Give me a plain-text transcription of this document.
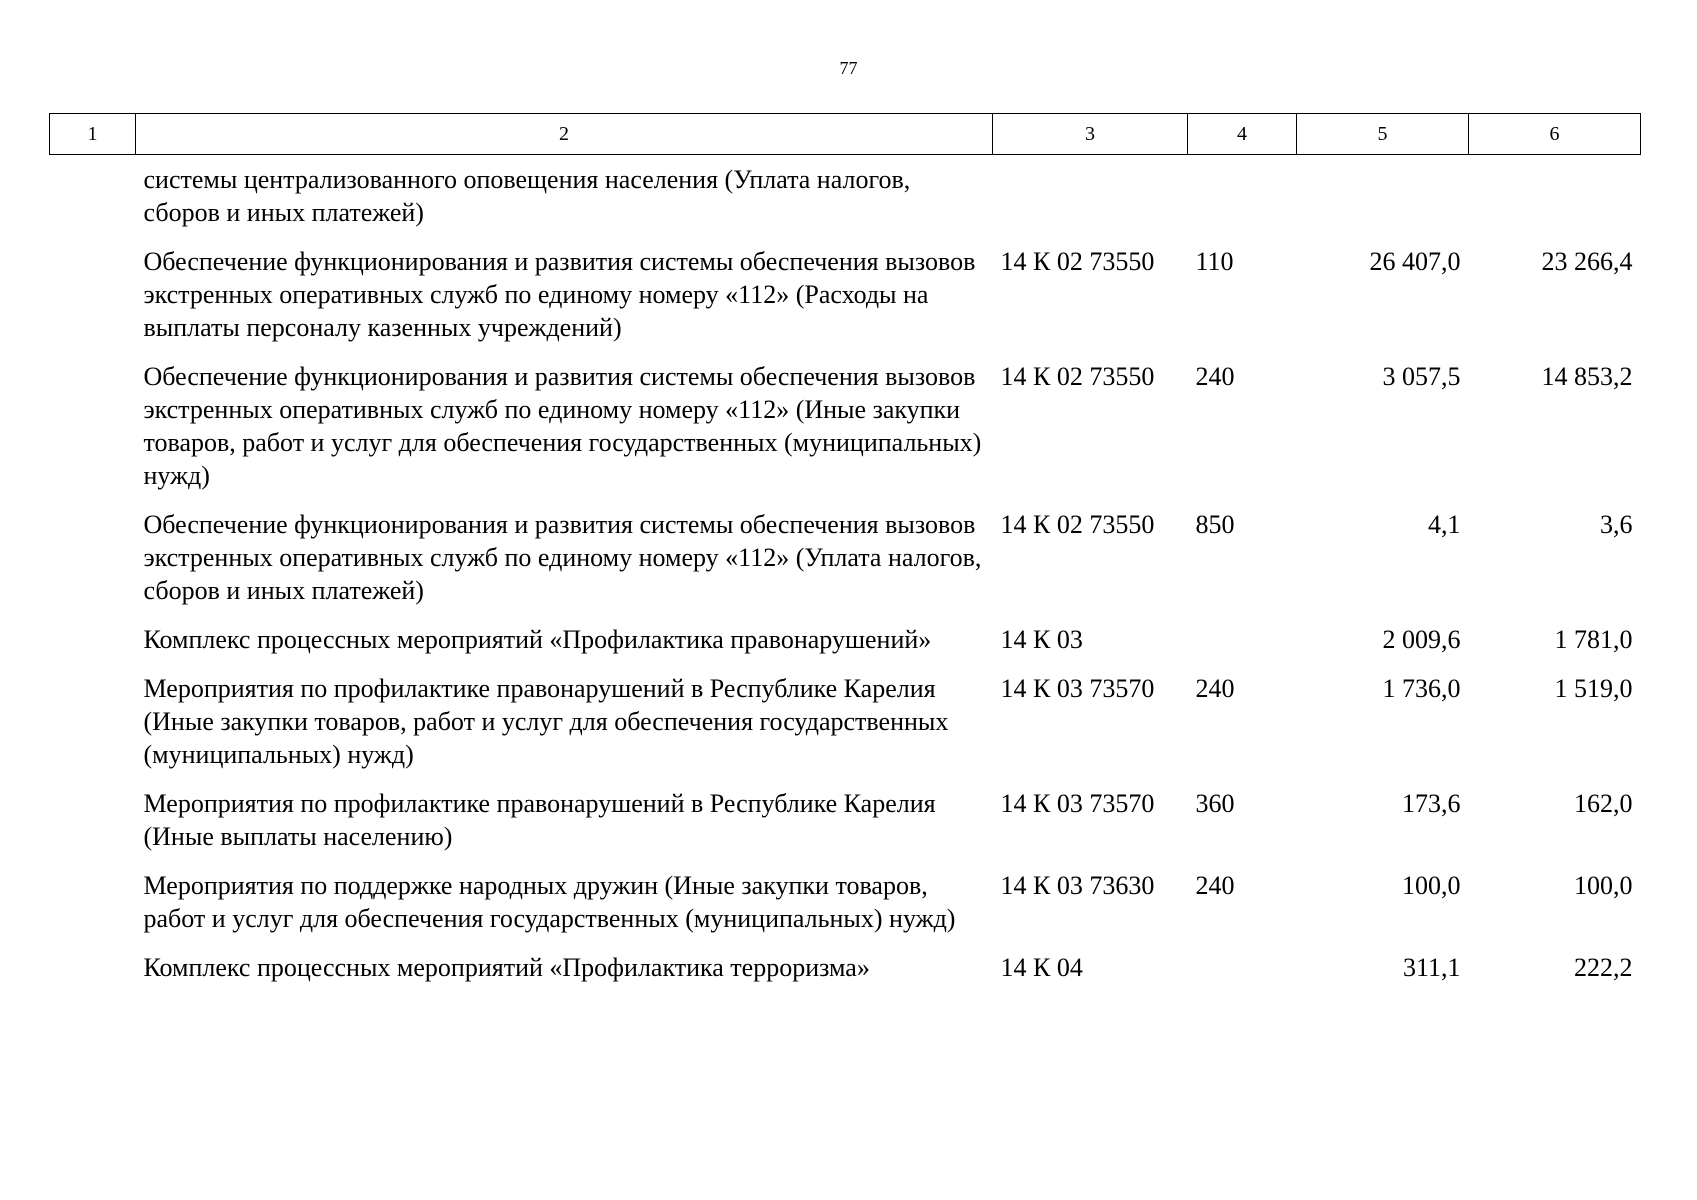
77
1	2	3	4	5	6
	системы централизованного оповещения населения (Уплата налогов, сборов и иных платежей)				
	Обеспечение функционирования и развития системы обеспечения вызовов экстренных оперативных служб по единому номеру «112» (Расходы на выплаты персоналу казенных учреждений)	14 К 02 73550	110	26 407,0	23 266,4
	Обеспечение функционирования и развития системы обеспечения вызовов экстренных оперативных служб по единому номеру «112» (Иные закупки товаров, работ и услуг для обеспечения государственных (муниципальных) нужд)	14 К 02 73550	240	3 057,5	14 853,2
	Обеспечение функционирования и развития системы обеспечения вызовов экстренных оперативных служб по единому номеру «112» (Уплата налогов, сборов и иных платежей)	14 К 02 73550	850	4,1	3,6
	Комплекс процессных мероприятий «Профилактика правонарушений»	14 К 03		2 009,6	1 781,0
	Мероприятия по профилактике правонарушений в Республике Карелия (Иные закупки товаров, работ и услуг для обеспечения государственных (муниципальных) нужд)	14 К 03 73570	240	1 736,0	1 519,0
	Мероприятия по профилактике правонарушений в Республике Карелия (Иные выплаты населению)	14 К 03 73570	360	173,6	162,0
	Мероприятия по поддержке народных дружин (Иные закупки товаров, работ и услуг для обеспечения государственных (муниципальных) нужд)	14 К 03 73630	240	100,0	100,0
	Комплекс процессных мероприятий «Профилактика терроризма»	14 К 04		311,1	222,2
